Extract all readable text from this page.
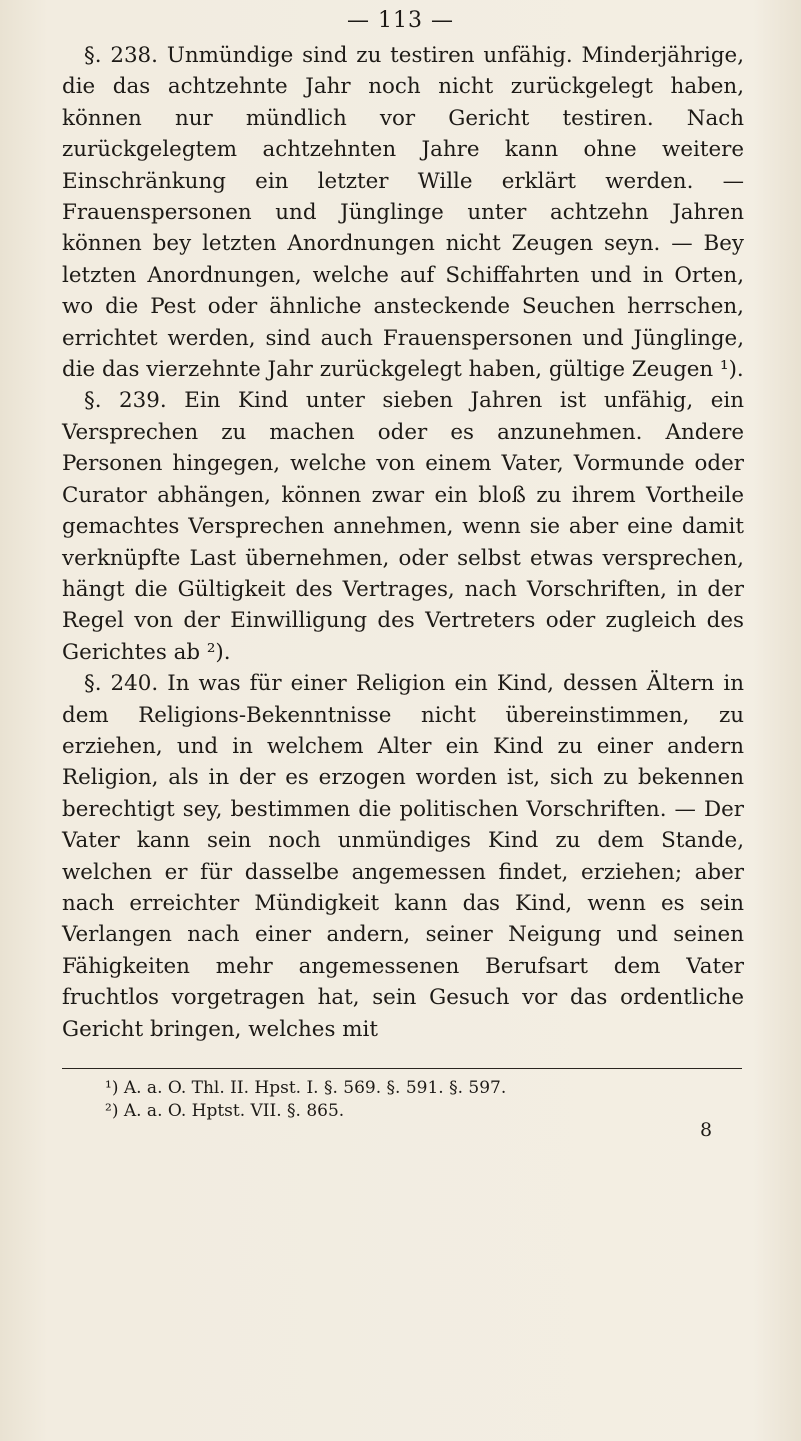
— 113 —

§. 238. Unmündige sind zu testiren unfähig. Minderjährige, die das achtzehnte Jahr noch nicht zurückgelegt haben, können nur mündlich vor Gericht testiren. Nach zurückgelegtem achtzehnten Jahre kann ohne weitere Einschränkung ein letzter Wille erklärt werden. — Frauenspersonen und Jünglinge unter achtzehn Jahren können bey letzten Anordnungen nicht Zeugen seyn. — Bey letzten Anordnungen, welche auf Schiffahrten und in Orten, wo die Pest oder ähnliche ansteckende Seuchen herrschen, errichtet werden, sind auch Frauenspersonen und Jünglinge, die das vierzehnte Jahr zurückgelegt haben, gültige Zeugen ¹).

§. 239. Ein Kind unter sieben Jahren ist unfähig, ein Versprechen zu machen oder es anzunehmen. Andere Personen hingegen, welche von einem Vater, Vormunde oder Curator abhängen, können zwar ein bloß zu ihrem Vortheile gemachtes Versprechen annehmen, wenn sie aber eine damit verknüpfte Last übernehmen, oder selbst etwas versprechen, hängt die Gültigkeit des Vertrages, nach Vorschriften, in der Regel von der Einwilligung des Vertreters oder zugleich des Gerichtes ab ²).

§. 240. In was für einer Religion ein Kind, dessen Ältern in dem Religions-Bekenntnisse nicht übereinstimmen, zu erziehen, und in welchem Alter ein Kind zu einer andern Religion, als in der es erzogen worden ist, sich zu bekennen berechtigt sey, bestimmen die politischen Vorschriften. — Der Vater kann sein noch unmündiges Kind zu dem Stande, welchen er für dasselbe angemessen findet, erziehen; aber nach erreichter Mündigkeit kann das Kind, wenn es sein Verlangen nach einer andern, seiner Neigung und seinen Fähigkeiten mehr angemessenen Berufsart dem Vater fruchtlos vorgetragen hat, sein Gesuch vor das ordentliche Gericht bringen, welches mit

¹) A. a. O. Thl. II. Hpst. I. §. 569. §. 591. §. 597.

²) A. a. O. Hptst. VII. §. 865.

8
